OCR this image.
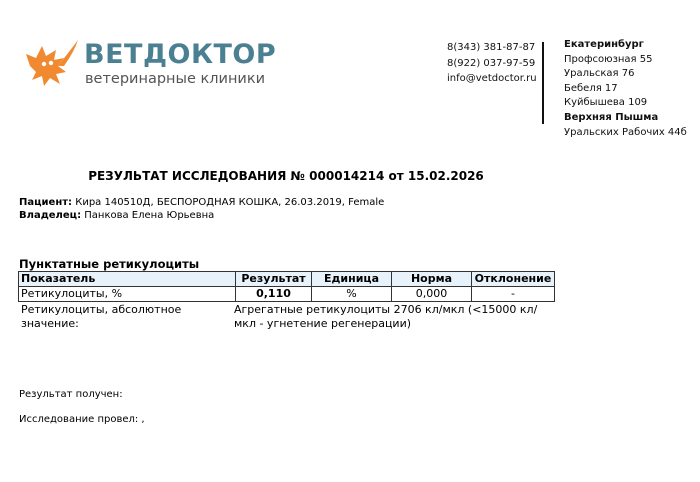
ВЕТДОКТОР
ветеринарные клиники
8(343) 381-87-87
8(922) 037-97-59
info@vetdoctor.ru
Екатеринбург
Профсоюзная 55
Уральская 76
Бебеля 17
Куйбышева 109
Верхняя Пышма
Уральских Рабочих 44б
РЕЗУЛЬТАТ ИССЛЕДОВАНИЯ № 000014214 от 15.02.2026
Пациент: Кира 140510Д, БЕСПОРОДНАЯ КОШКА, 26.03.2019, Female
Владелец: Панкова Елена Юрьевна
Пунктатные ретикулоциты
Показатель	Результат	Единица	Норма	Отклонение
Ретикулоциты, %	0,110	%	0,000	-
Ретикулоциты, абсолютное значение:
Агрегатные ретикулоциты 2706 кл/мкл (<15000 кл/мкл - угнетение регенерации)
Результат получен:
Исследование провел: ,
